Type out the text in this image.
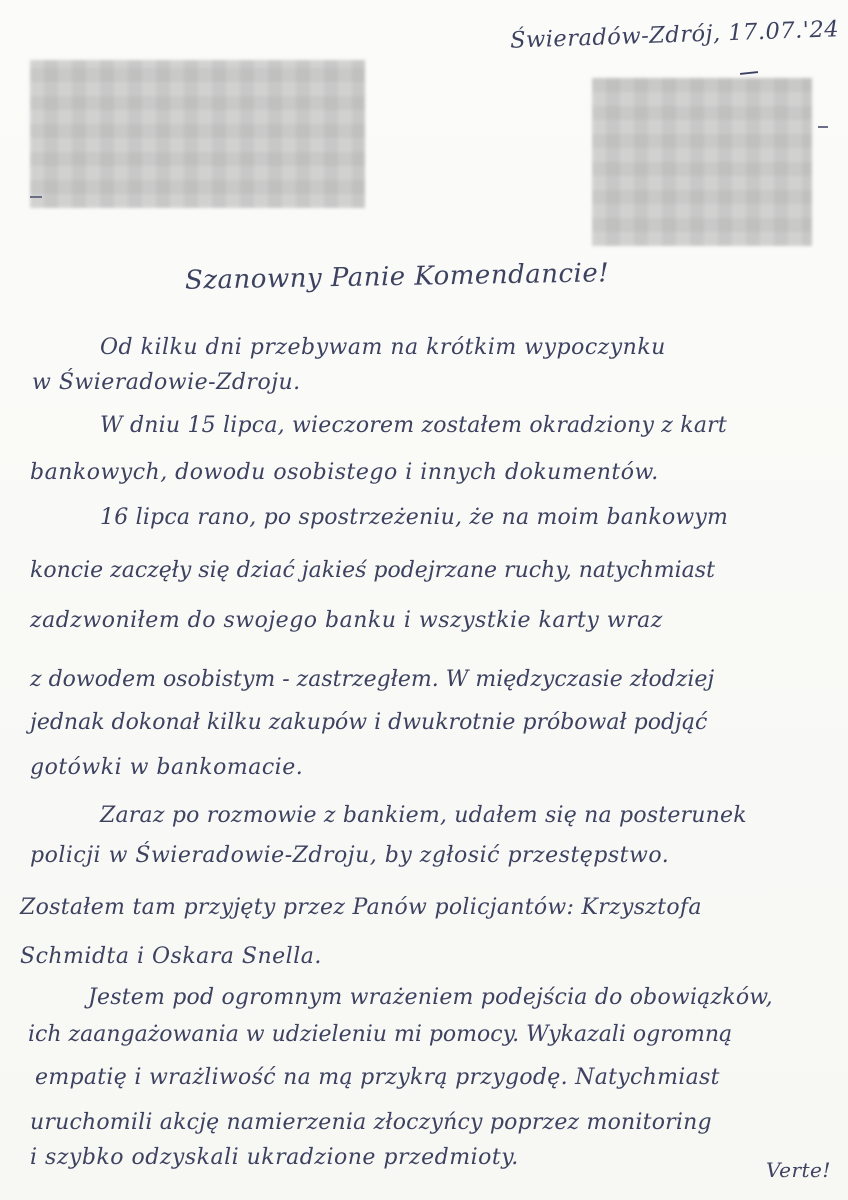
Świeradów-Zdrój, 17.07.'24
Szanowny Panie Komendancie!
Od kilku dni przebywam na krótkim wypoczynku
w Świeradowie-Zdroju.
W dniu 15 lipca, wieczorem zostałem okradziony z kart
bankowych, dowodu osobistego i innych dokumentów.
16 lipca rano, po spostrzeżeniu, że na moim bankowym
koncie zaczęły się dziać jakieś podejrzane ruchy, natychmiast
zadzwoniłem do swojego banku i wszystkie karty wraz
z dowodem osobistym - zastrzegłem. W międzyczasie złodziej
jednak dokonał kilku zakupów i dwukrotnie próbował podjąć
gotówki w bankomacie.
Zaraz po rozmowie z bankiem, udałem się na posterunek
policji w Świeradowie-Zdroju, by zgłosić przestępstwo.
Zostałem tam przyjęty przez Panów policjantów: Krzysztofa
Schmidta i Oskara Snella.
Jestem pod ogromnym wrażeniem podejścia do obowiązków,
ich zaangażowania w udzieleniu mi pomocy. Wykazali ogromną
empatię i wrażliwość na mą przykrą przygodę. Natychmiast
uruchomili akcję namierzenia złoczyńcy poprzez monitoring
i szybko odzyskali ukradzione przedmioty.	Verte!
